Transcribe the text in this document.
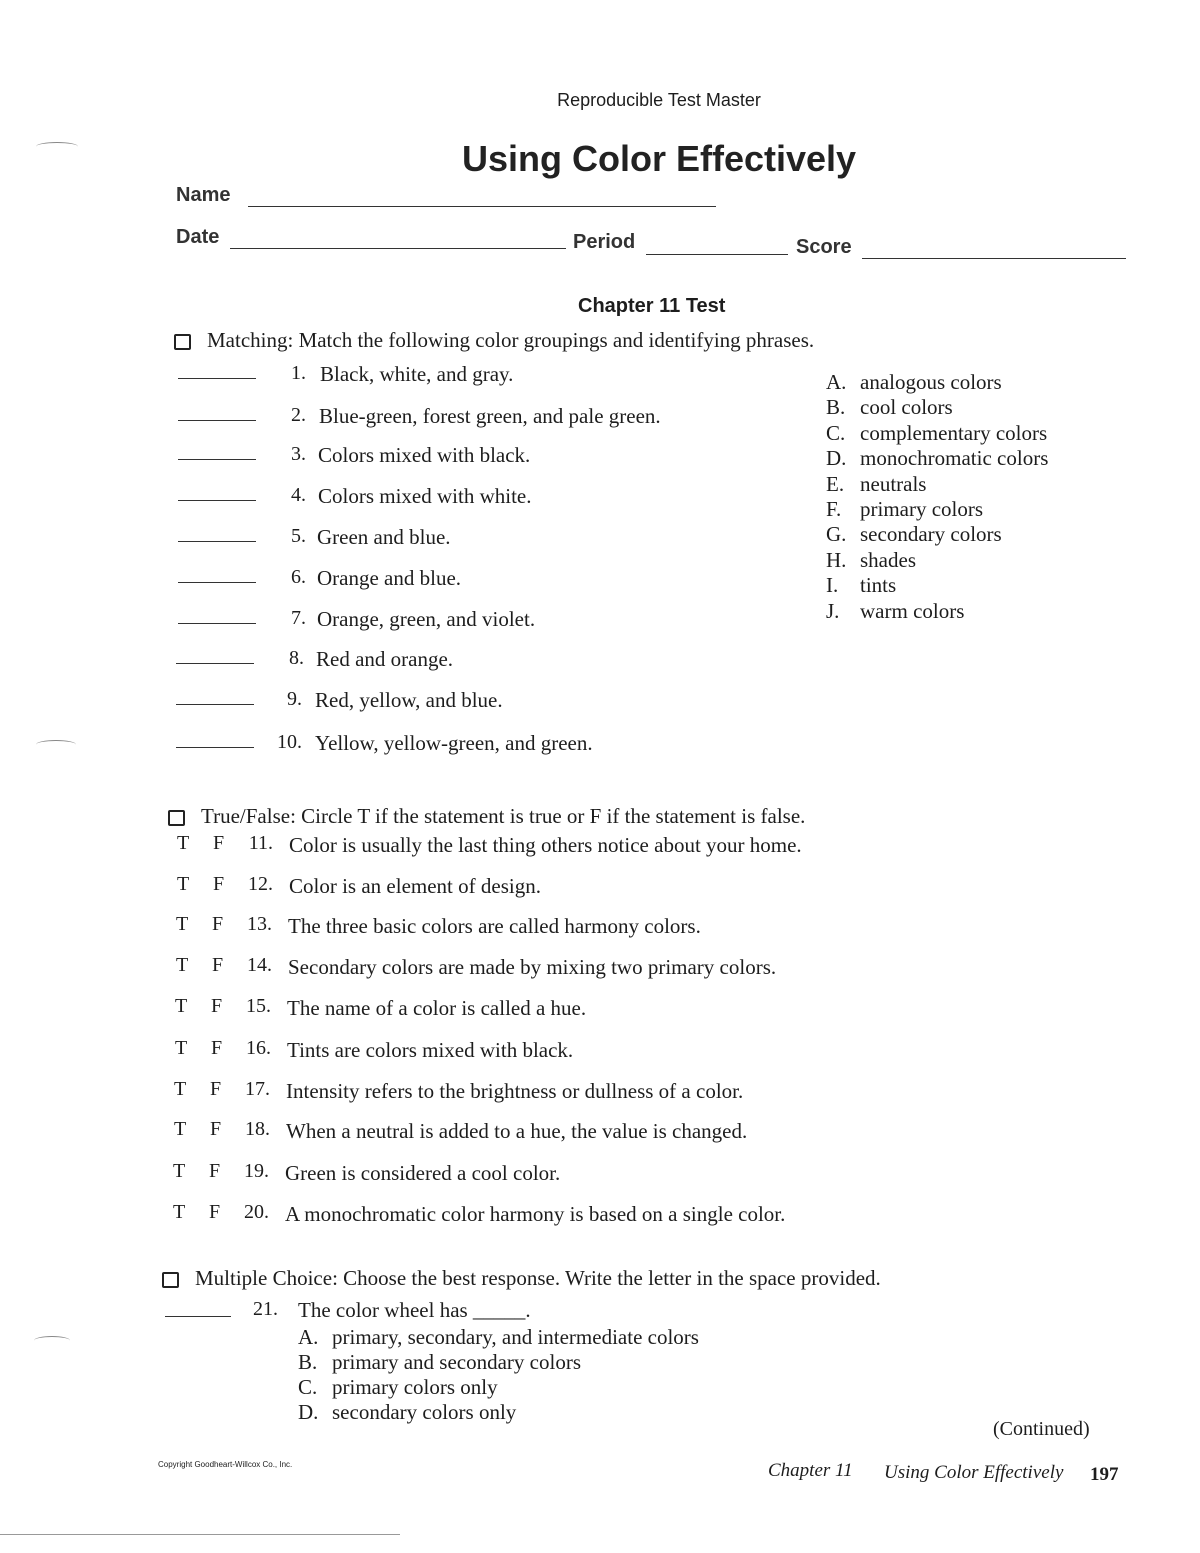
Reproducible Test Master
Using Color Effectively
Name
Date	Period	Score
Chapter 11 Test
Matching: Match the following color groupings and identifying phrases.
1. Black, white, and gray.
2. Blue-green, forest green, and pale green.
3. Colors mixed with black.
4. Colors mixed with white.
5. Green and blue.
6. Orange and blue.
7. Orange, green, and violet.
8. Red and orange.
9. Red, yellow, and blue.
10. Yellow, yellow-green, and green.
A. analogous colors
B. cool colors
C. complementary colors
D. monochromatic colors
E. neutrals
F. primary colors
G. secondary colors
H. shades
I. tints
J. warm colors
True/False: Circle T if the statement is true or F if the statement is false.
T F	11. Color is usually the last thing others notice about your home.
T F	12. Color is an element of design.
T F	13. The three basic colors are called harmony colors.
T F	14. Secondary colors are made by mixing two primary colors.
T F	15. The name of a color is called a hue.
T F	16. Tints are colors mixed with black.
T F	17. Intensity refers to the brightness or dullness of a color.
T F	18. When a neutral is added to a hue, the value is changed.
T F	19. Green is considered a cool color.
T F	20. A monochromatic color harmony is based on a single color.
Multiple Choice: Choose the best response. Write the letter in the space provided.
21. The color wheel has _____.
A. primary, secondary, and intermediate colors
B. primary and secondary colors
C. primary colors only
D. secondary colors only
(Continued)
Copyright Goodheart-Willcox Co., Inc.	Chapter 11 Using Color Effectively 197
